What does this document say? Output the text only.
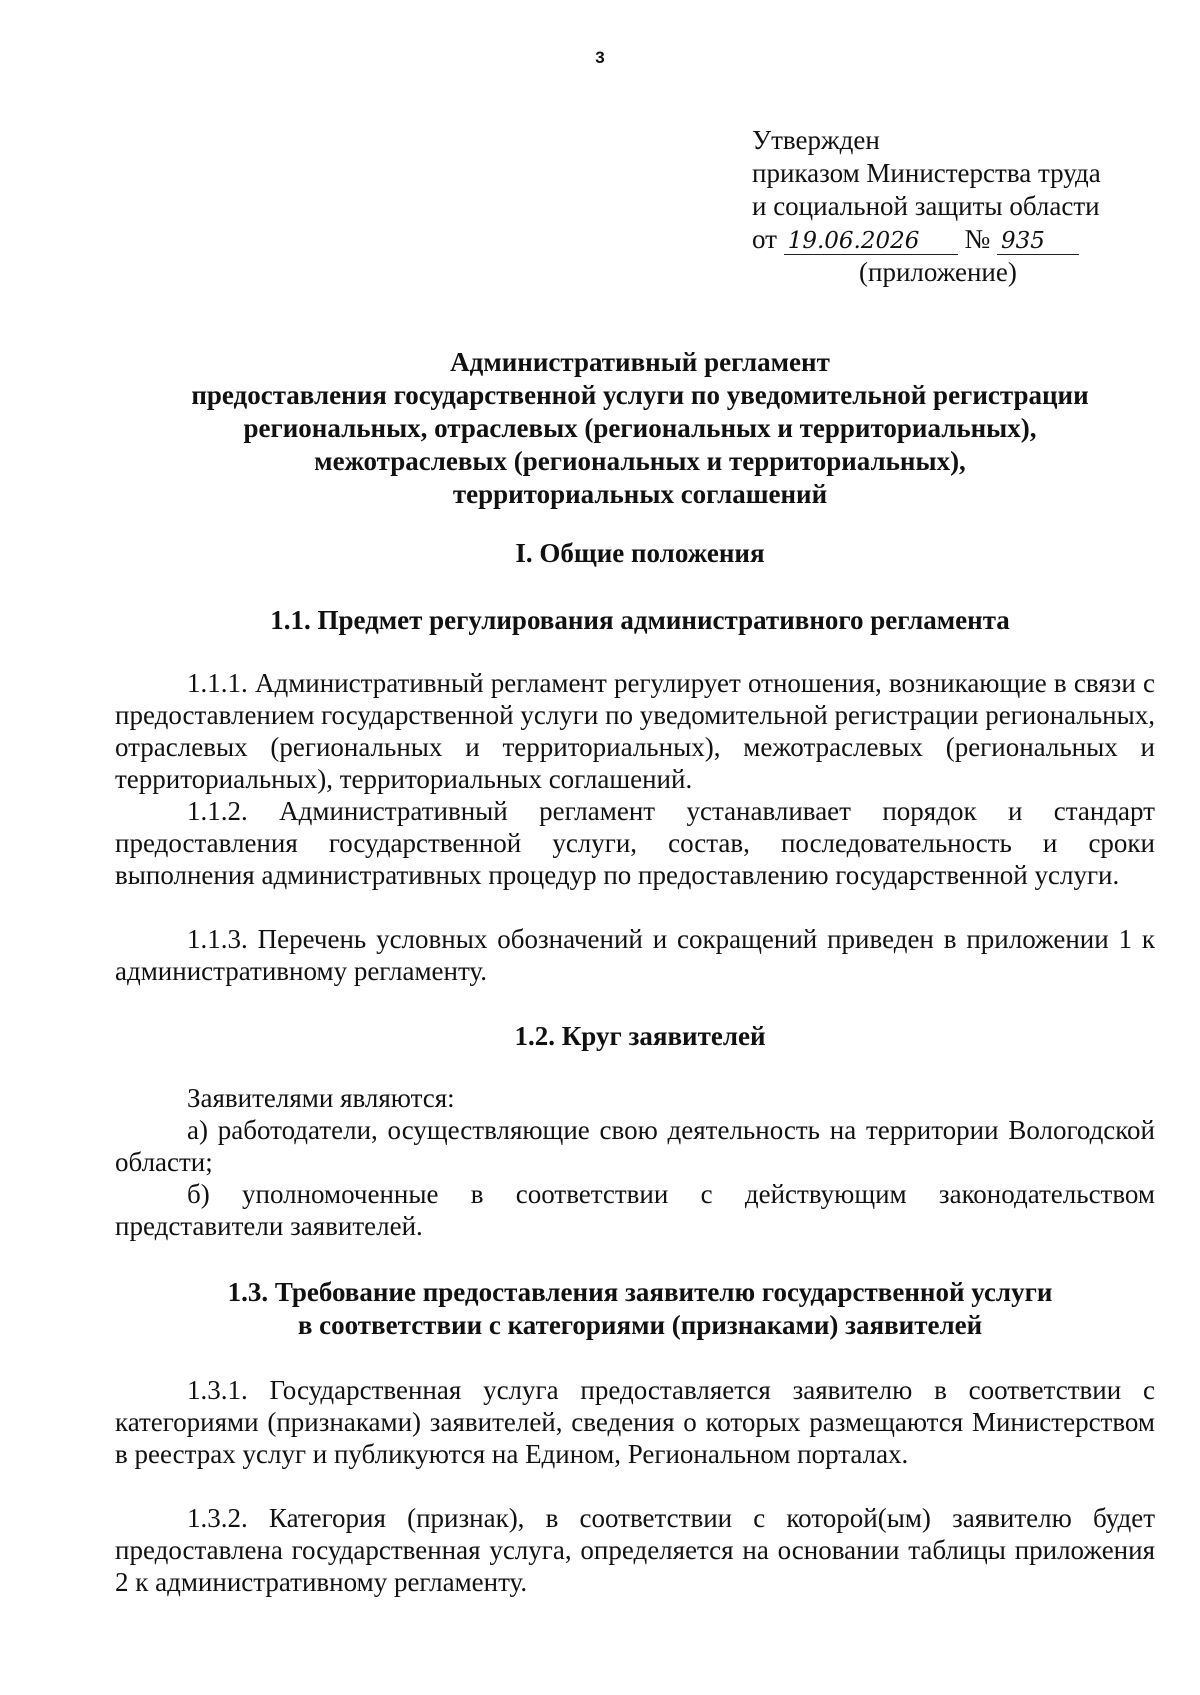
3
Утвержден
приказом Министерства труда
и социальной защиты области
от 19.06.2026 № 935
(приложение)
Административный регламент
предоставления государственной услуги по уведомительной регистрации
региональных, отраслевых (региональных и территориальных),
межотраслевых (региональных и территориальных),
территориальных соглашений
I. Общие положения
1.1. Предмет регулирования административного регламента

1.1.1. Административный регламент регулирует отношения, возникающие в связи с предоставлением государственной услуги по уведомительной регистрации региональных, отраслевых (региональных и территориальных), межотраслевых (региональных и территориальных), территориальных соглашений.

1.1.2. Административный регламент устанавливает порядок и стандарт предоставления государственной услуги, состав, последовательность и сроки выполнения административных процедур по предоставлению государственной услуги.

1.1.3. Перечень условных обозначений и сокращений приведен в приложении 1 к административному регламенту.

1.2. Круг заявителей

Заявителями являются:

а) работодатели, осуществляющие свою деятельность на территории Вологодской области;

б) уполномоченные в соответствии с действующим законодательством представители заявителей.

1.3. Требование предоставления заявителю государственной услуги
в соответствии с категориями (признаками) заявителей

1.3.1. Государственная услуга предоставляется заявителю в соответствии с категориями (признаками) заявителей, сведения о которых размещаются Министерством в реестрах услуг и публикуются на Едином, Региональном порталах.

1.3.2. Категория (признак), в соответствии с которой(ым) заявителю будет предоставлена государственная услуга, определяется на основании таблицы приложения 2 к административному регламенту.
